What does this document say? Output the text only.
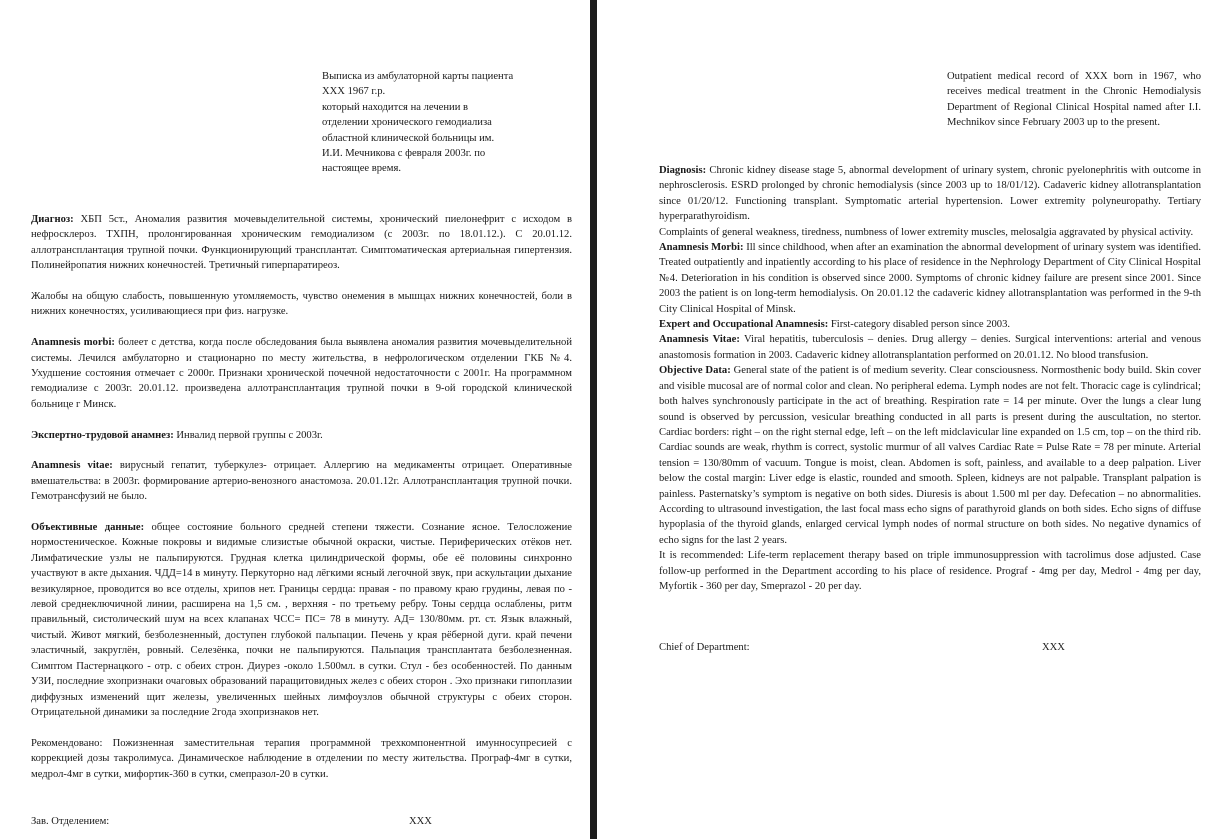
Выписка из амбулаторной карты пациента
XXX 1967 г.р.
который находится на лечении в
отделении хронического гемодиализа
областной клинической больницы им.
И.И. Мечникова с февраля 2003г. по
настоящее время.

Диагноз: ХБП 5ст., Аномалия развития мочевыделительной системы, хронический пиелонефрит с исходом в нефросклероз. ТХПН, пролонгированная хроническим гемодиализом (с 2003г. по 18.01.12.). С 20.01.12. аллотрансплантация трупной почки. Функционирующий трансплантат. Симптоматическая артериальная гипертензия. Полинейропатия нижних конечностей. Третичный гиперпаратиреоз.

Жалобы на общую слабость, повышенную утомляемость, чувство онемения в мышцах нижних конечностей, боли в нижних конечностях, усиливающиеся при физ. нагрузке.

Anamnesis morbi: болеет с детства, когда после обследования была выявлена аномалия развития мочевыделительной системы. Лечился амбулаторно и стационарно по месту жительства, в нефрологическом отделении ГКБ №4. Ухудшение состояния отмечает с 2000г. Признаки хронической почечной недостаточности с 2001г. На программном гемодиализе с 2003г. 20.01.12. произведена аллотрансплантация трупной почки в 9-ой городской клинической больнице г Минск.

Экспертно-трудовой анамнез: Инвалид первой группы с 2003г.

Anamnesis vitae: вирусный гепатит, туберкулез- отрицает. Аллергию на медикаменты отрицает. Оперативные вмешательства: в 2003г. формирование артерио-венозного анастомоза. 20.01.12г. Аллотрансплантация трупной почки. Гемотрансфузий не было.

Объективные данные: общее состояние больного средней степени тяжести. Сознание ясное. Телосложение нормостеническое. Кожные покровы и видимые слизистые обычной окраски, чистые. Периферических отёков нет. Лимфатические узлы не пальпируются. Грудная клетка цилиндрической формы, обе её половины синхронно участвуют в акте дыхания. ЧДД=14 в минуту. Перкуторно над лёгкими ясный легочной звук, при аскультации дыхание везикулярное, проводится во все отделы, хрипов нет. Границы сердца: правая - по правому краю грудины, левая по - левой среднеключичной линии, расширена на 1,5 см. , верхняя - по третьему ребру. Тоны сердца ослаблены, ритм правильный, систолический шум на всех клапанах ЧСС= ПС= 78 в минуту. АД= 130/80мм. рт. ст. Язык влажный, чистый. Живот мягкий, безболезненный, доступен глубокой пальпации. Печень у края рёберной дуги. край печени эластичный, закруглён, ровный. Селезёнка, почки не пальпируются. Пальпация трансплантата безболезненная. Симптом Пастернацкого - отр. с обеих строн. Диурез -около 1.500мл. в сутки. Стул - без особенностей. По данным УЗИ, последние эхопризнаки очаговых образований паращитовидных желез с обеих сторон . Эхо признаки гипоплазии диффузных изменений щит железы, увеличенных шейных лимфоузлов обычной структуры с обеих сторон. Отрицательной динамики за последние 2года эхопризнаков нет.

Рекомендовано: Пожизненная заместительная терапия программной трехкомпонентной имунносупресией с коррекцией дозы такролимуса. Динамическое наблюдение в отделении по месту жительства. Програф-4мг в сутки, медрол-4мг в сутки, мифортик-360 в сутки, смепразол-20 в сутки.

Зав. Отделением:	XXX

Outpatient medical record of XXX born in 1967, who receives medical treatment in the Chronic Hemodialysis Department of Regional Clinical Hospital named after I.I. Mechnikov since February 2003 up to the present.

Diagnosis: Chronic kidney disease stage 5, abnormal development of urinary system, chronic pyelonephritis with outcome in nephrosclerosis. ESRD prolonged by chronic hemodialysis (since 2003 up to 18/01/12). Cadaveric kidney allotransplantation since 01/20/12. Functioning transplant. Symptomatic arterial hypertension. Lower extremity polyneuropathy. Tertiary hyperparathyroidism.

Complaints of general weakness, tiredness, numbness of lower extremity muscles, melosalgia aggravated by physical activity.

Anamnesis Morbi: Ill since childhood, when after an examination the abnormal development of urinary system was identified. Treated outpatiently and inpatiently according to his place of residence in the Nephrology Department of City Clinical Hospital №4. Deterioration in his condition is observed since 2000. Symptoms of chronic kidney failure are present since 2001. Since 2003 the patient is on long-term hemodialysis. On 20.01.12 the cadaveric kidney allotransplantation was performed in the 9-th City Clinical Hospital of Minsk.

Expert and Occupational Anamnesis: First-category disabled person since 2003.

Anamnesis Vitae: Viral hepatitis, tuberculosis – denies. Drug allergy – denies. Surgical interventions: arterial and venous anastomosis formation in 2003. Cadaveric kidney allotransplantation performed on 20.01.12. No blood transfusion.

Objective Data: General state of the patient is of medium severity. Clear consciousness. Normosthenic body build. Skin cover and visible mucosal are of normal color and clean. No peripheral edema. Lymph nodes are not felt. Thoracic cage is cylindrical; both halves synchronously participate in the act of breathing. Respiration rate = 14 per minute. Over the lungs a clear lung sound is observed by percussion, vesicular breathing conducted in all parts is present during the auscultation, no stertor. Cardiac borders: right – on the right sternal edge, left – on the left midclavicular line expanded on 1.5 cm, top – on the third rib. Cardiac sounds are weak, rhythm is correct, systolic murmur of all valves Cardiac Rate = Pulse Rate = 78 per minute. Arterial tension = 130/80mm of vacuum. Tongue is moist, clean. Abdomen is soft, painless, and available to a deep palpation. Liver below the costal margin: Liver edge is elastic, rounded and smooth. Spleen, kidneys are not palpable. Transplant palpation is painless. Pasternatsky’s symptom is negative on both sides. Diuresis is about 1.500 ml per day. Defecation – no abnormalities. According to ultrasound investigation, the last focal mass echo signs of parathyroid glands on both sides. Echo signs of diffuse hypoplasia of the thyroid glands, enlarged cervical lymph nodes of normal structure on both sides. No negative dynamics of echo signs for the last 2 years.

It is recommended: Life-term replacement therapy based on triple immunosuppression with tacrolimus dose adjusted. Case follow-up performed in the Department according to his place of residence. Prograf - 4mg per day, Medrol - 4mg per day, Myfortik - 360 per day, Smeprazol - 20 per day.

Chief of Department:	XXX
